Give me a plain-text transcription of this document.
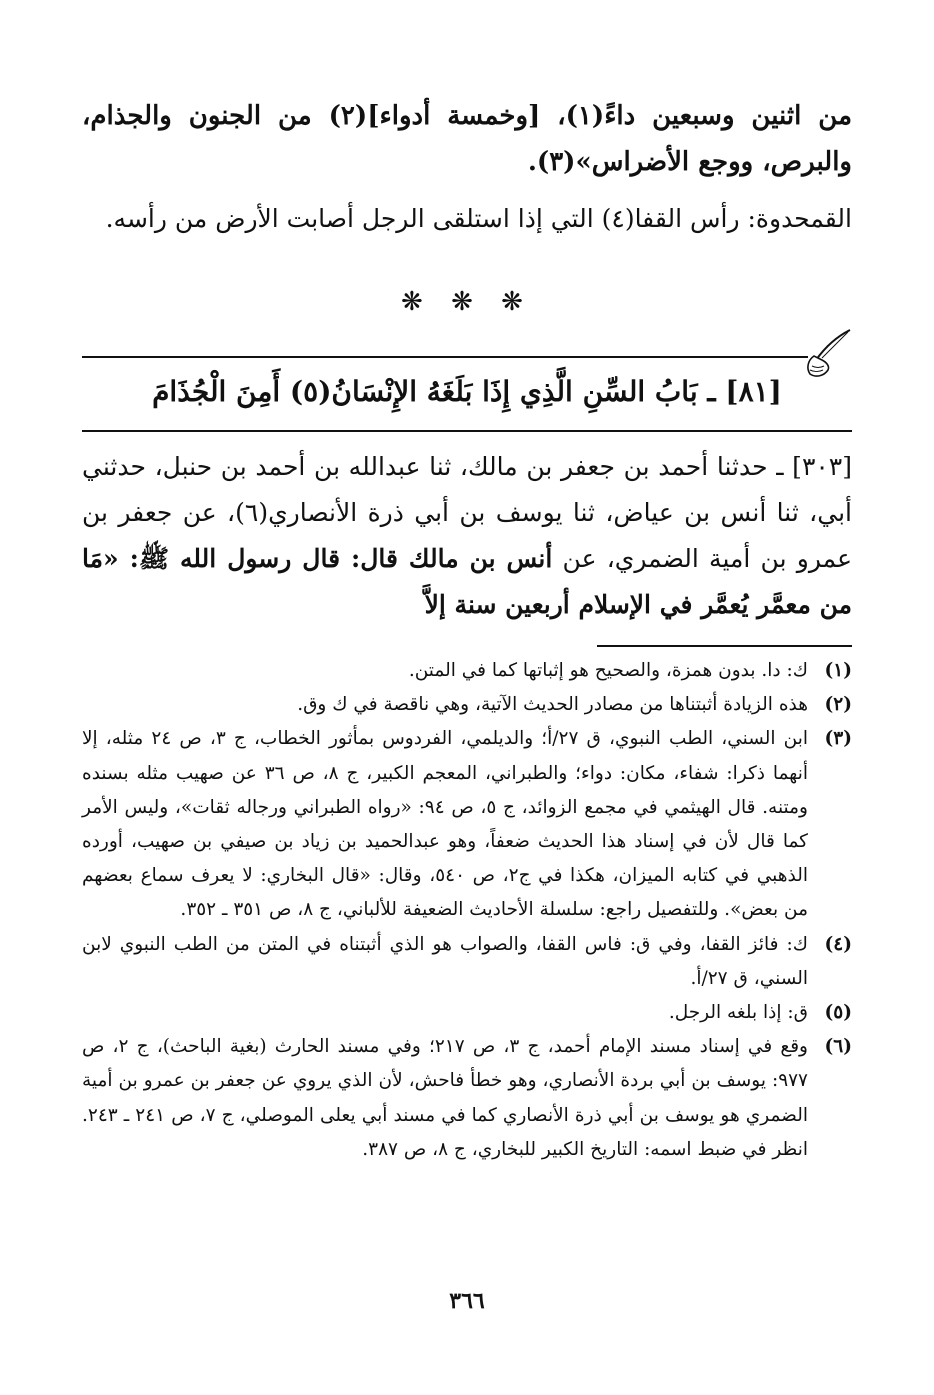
من اثنين وسبعين داءً(١)، [وخمسة أدواء](٢) من الجنون والجذام، والبرص، ووجع الأضراس»(٣).

القمحدوة: رأس القفا(٤) التي إذا استلقى الرجل أصابت الأرض من رأسه.

❋ ❋ ❋
[٨١] ـ بَابُ السِّنِ الَّذِي إِذَا بَلَغَهُ الإِنْسَانُ(٥) أَمِنَ الْجُذَامَ

[٣٠٣] ـ حدثنا أحمد بن جعفر بن مالك، ثنا عبدالله بن أحمد بن حنبل، حدثني أبي، ثنا أنس بن عياض، ثنا يوسف بن أبي ذرة الأنصاري(٦)، عن جعفر بن عمرو بن أمية الضمري، عن أنس بن مالك قال: قال رسول الله ﷺ: «مَا من معمَّر يُعمَّر في الإسلام أربعين سنة إلاَّ

(١)
ك: دا. بدون همزة، والصحيح هو إثباتها كما في المتن.
(٢)
هذه الزيادة أثبتناها من مصادر الحديث الآتية، وهي ناقصة في ك وق.
(٣)
ابن السني، الطب النبوي، ق ٢٧/أ؛ والديلمي، الفردوس بمأثور الخطاب، ج ٣، ص ٢٤ مثله، إلا أنهما ذكرا: شفاء، مكان: دواء؛ والطبراني، المعجم الكبير، ج ٨، ص ٣٦ عن صهيب مثله بسنده ومتنه. قال الهيثمي في مجمع الزوائد، ج ٥، ص ٩٤: «رواه الطبراني ورجاله ثقات»، وليس الأمر كما قال لأن في إسناد هذا الحديث ضعفاً، وهو عبدالحميد بن زياد بن صيفي بن صهيب، أورده الذهبي في كتابه الميزان، هكذا في ج٢، ص ٥٤٠، وقال: «قال البخاري: لا يعرف سماع بعضهم من بعض». وللتفصيل راجع: سلسلة الأحاديث الضعيفة للألباني، ج ٨، ص ٣٥١ ـ ٣٥٢.
(٤)
ك: فائز القفا، وفي ق: فاس القفا، والصواب هو الذي أثبتناه في المتن من الطب النبوي لابن السني، ق ٢٧/أ.
(٥)
ق: إذا بلغه الرجل.
(٦)
وقع في إسناد مسند الإمام أحمد، ج ٣، ص ٢١٧؛ وفي مسند الحارث (بغية الباحث)، ج ٢، ص ٩٧٧: يوسف بن أبي بردة الأنصاري، وهو خطأ فاحش، لأن الذي يروي عن جعفر بن عمرو بن أمية الضمري هو يوسف بن أبي ذرة الأنصاري كما في مسند أبي يعلى الموصلي، ج ٧، ص ٢٤١ ـ ٢٤٣. انظر في ضبط اسمه: التاريخ الكبير للبخاري، ج ٨، ص ٣٨٧.
٣٦٦
